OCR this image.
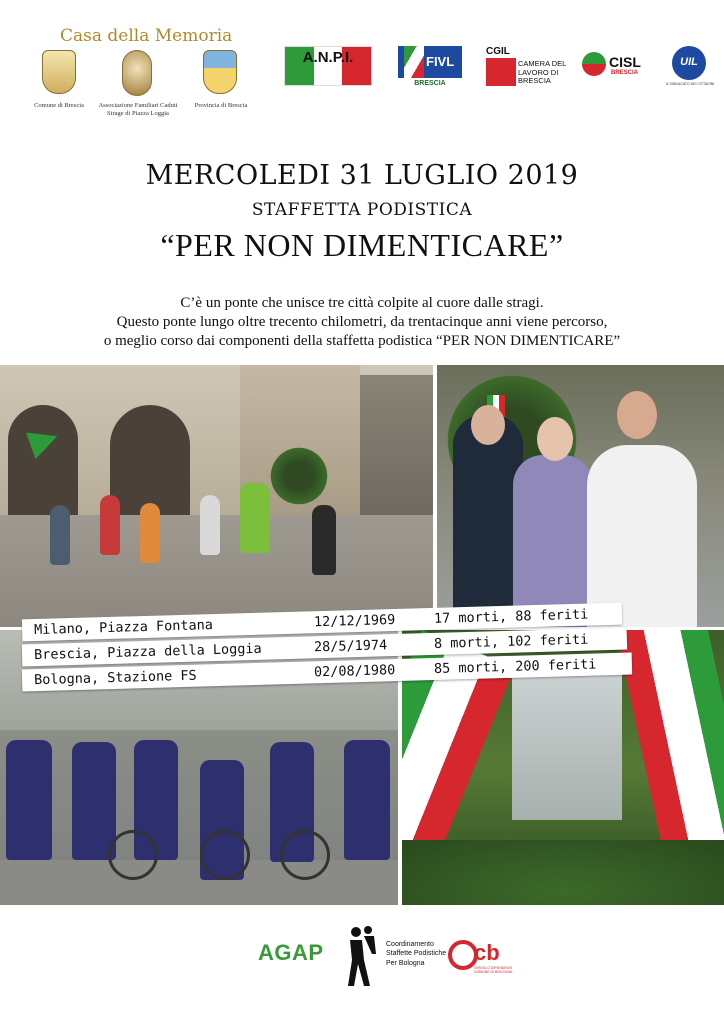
Casa della Memoria
Comune di Brescia	Associazione Familiari Caduti Strage di Piazza Loggia
Provincia di Brescia
A.N.P.I.
Brescia
FIVL
BRESCIA
CGIL
CAMERA DEL LAVORO DI BRESCIA
CISL
BRESCIA
UIL
IL SINDACATO DEI CITTADINI
MERCOLEDI 31 LUGLIO 2019
STAFFETTA PODISTICA
“PER NON DIMENTICARE”
C’è un ponte che unisce tre città colpite al cuore dalle stragi.
Questo ponte lungo oltre trecento chilometri, da trentacinque anni viene percorso,
o meglio corso dai componenti della staffetta podistica “PER NON DIMENTICARE”
Milano, Piazza Fontana	12/12/1969	17 morti, 88 feriti
Brescia, Piazza della Loggia	28/5/1974	8 morti, 102 feriti
Bologna, Stazione FS	02/08/1980	85 morti, 200 feriti
AGAP	Coordinamento Staffette Podistiche Per Bologna	cb
CIRCOLO DIPENDENTI COMUNE DI BOLOGNA
